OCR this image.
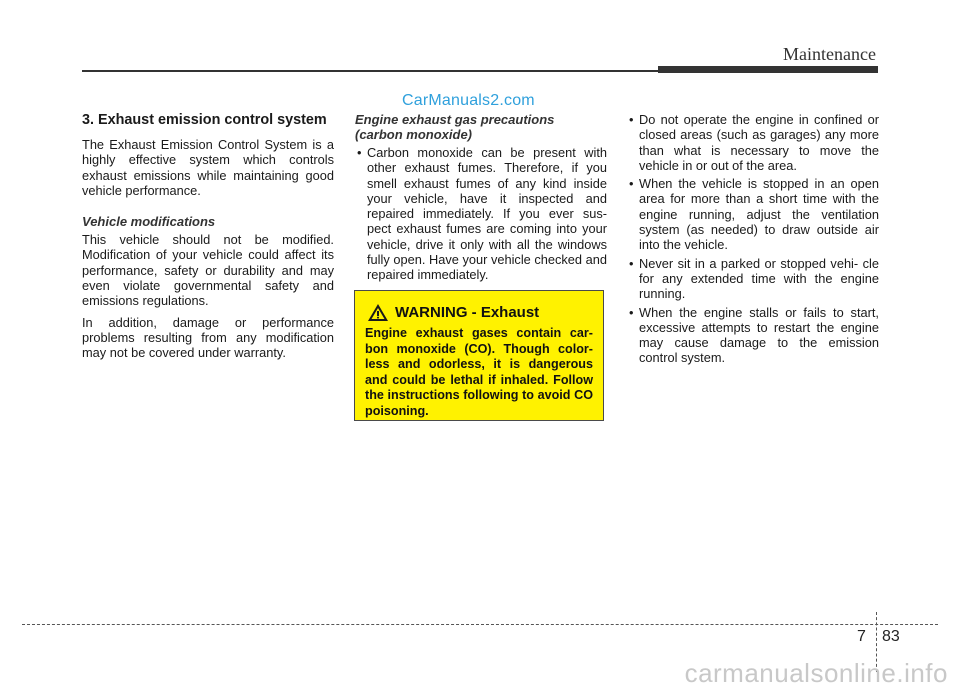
Maintenance
CarManuals2.com
3. Exhaust emission control system

The Exhaust Emission Control System is a highly effective system which controls exhaust emissions while maintaining good vehicle performance.

Vehicle modifications

This vehicle should not be modified. Modification of your vehicle could affect its performance, safety or durability and may even violate governmental safety and emissions regulations.

In addition, damage or performance problems resulting from any modification may not be covered under warranty.

Engine exhaust gas precautions
(carbon monoxide)
• Carbon monoxide can be present with other exhaust fumes. Therefore, if you smell exhaust fumes of any kind inside your vehicle, have it inspected and repaired immediately. If you ever sus- pect exhaust fumes are coming into your vehicle, drive it only with all the windows fully open. Have your vehicle checked and repaired immediately.
WARNING - Exhaust
Engine exhaust gases contain car- bon monoxide (CO). Though color- less and odorless, it is dangerous and could be lethal if inhaled. Follow the instructions following to avoid CO poisoning.
• Do not operate the engine in confined or closed areas (such as garages) any more than what is necessary to move the vehicle in or out of the area.
• When the vehicle is stopped in an open area for more than a short time with the engine running, adjust the ventilation system (as needed) to draw outside air into the vehicle.
• Never sit in a parked or stopped vehi- cle for any extended time with the engine running.
• When the engine stalls or fails to start, excessive attempts to restart the engine may cause damage to the emission control system.
7 83
carmanualsonline.info
